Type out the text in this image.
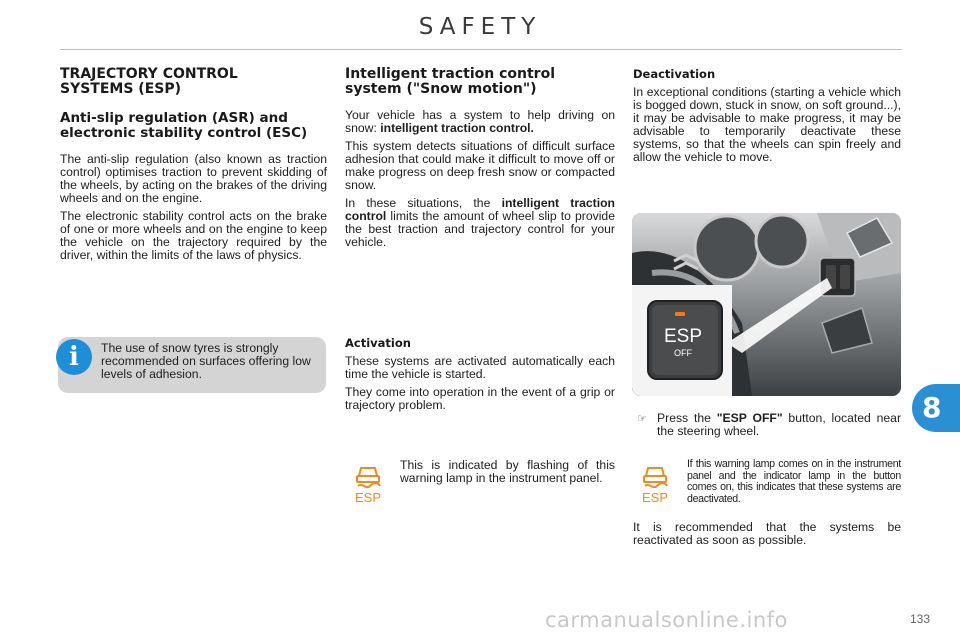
SAFETY
TRAJECTORY CONTROL SYSTEMS (ESP)
Anti-slip regulation (ASR) and electronic stability control (ESC)

The anti-slip regulation (also known as traction control) optimises traction to prevent skidding of the wheels, by acting on the brakes of the driving wheels and on the engine.

The electronic stability control acts on the brake of one or more wheels and on the engine to keep the vehicle on the trajectory required by the driver, within the limits of the laws of physics.

i	The use of snow tyres is strongly recommended on surfaces offering low levels of adhesion.

Intelligent traction control system ("Snow motion")

Your vehicle has a system to help driving on snow: intelligent traction control.

This system detects situations of difficult surface adhesion that could make it difficult to move off or make progress on deep fresh snow or compacted snow.

In these situations, the intelligent traction control limits the amount of wheel slip to provide the best traction and trajectory control for your vehicle.

Activation

These systems are activated automatically each time the vehicle is started.

They come into operation in the event of a grip or trajectory problem.

ESP

This is indicated by flashing of this warning lamp in the instrument panel.

Deactivation

In exceptional conditions (starting a vehicle which is bogged down, stuck in snow, on soft ground...), it may be advisable to make progress, it may be advisable to temporarily deactivate these systems, so that the wheels can spin freely and allow the vehicle to move.

ESP
OFF
☞ Press the "ESP OFF" button, located near the steering wheel.

ESP

If this warning lamp comes on in the instrument panel and the indicator lamp in the button comes on, this indicates that these systems are deactivated.

It is recommended that the systems be reactivated as soon as possible.

8
carmanualsonline.info	133
